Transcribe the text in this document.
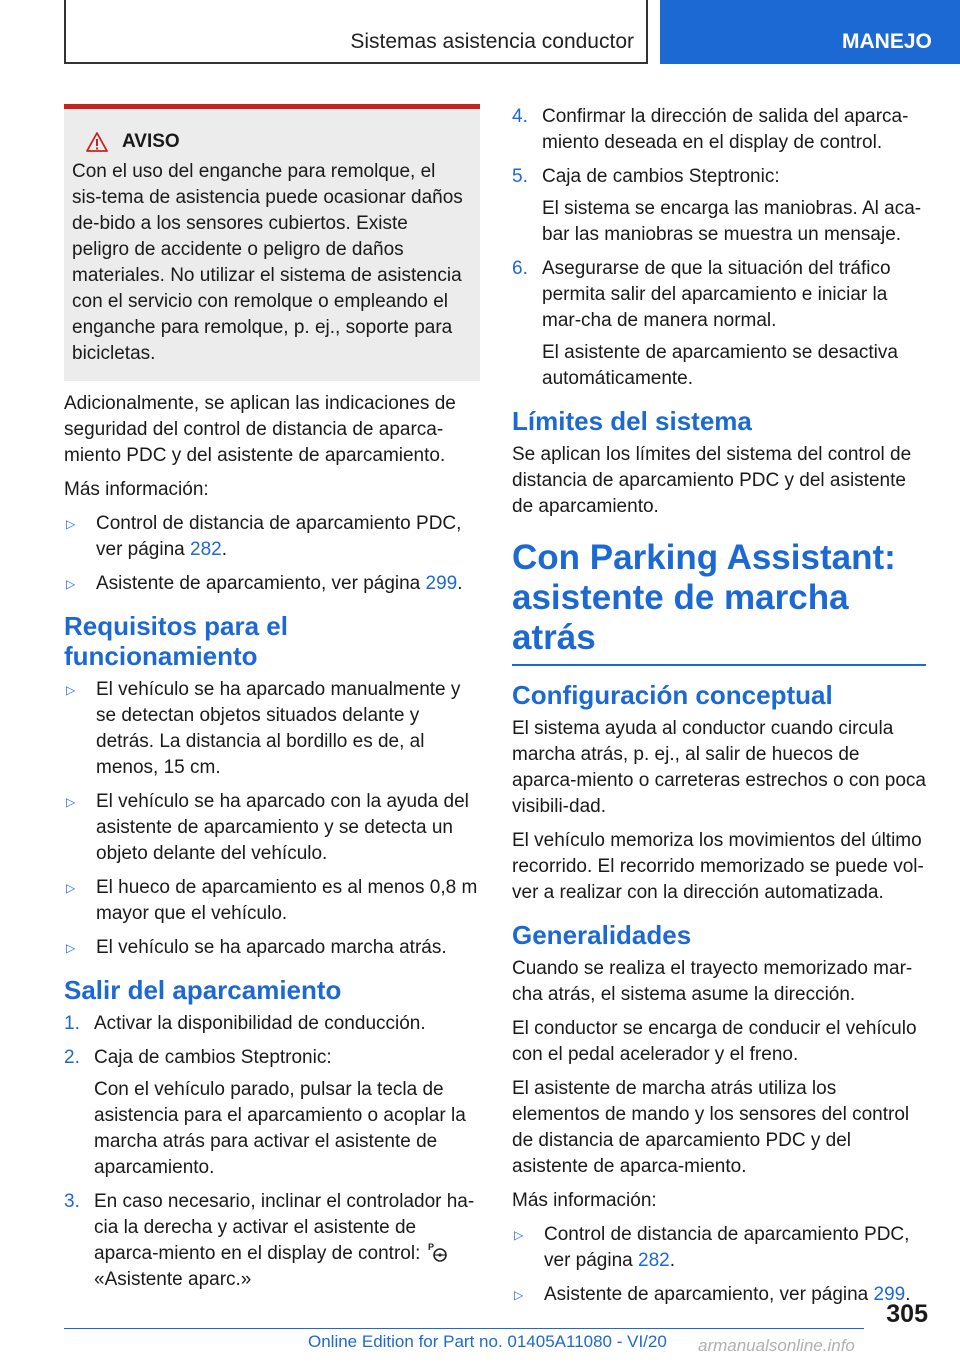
Sistemas asistencia conductor	MANEJO
AVISO

Con el uso del enganche para remolque, el sis-tema de asistencia puede ocasionar daños de-bido a los sensores cubiertos. Existe peligro de accidente o peligro de daños materiales. No utilizar el sistema de asistencia con el servicio con remolque o empleando el enganche para remolque, p. ej., soporte para bicicletas.

Adicionalmente, se aplican las indicaciones de seguridad del control de distancia de aparca-miento PDC y del asistente de aparcamiento.

Más información:

▷	Control de distancia de aparcamiento PDC, ver página 282.
▷	Asistente de aparcamiento, ver página 299.
Requisitos para el funcionamiento
▷	El vehículo se ha aparcado manualmente y se detectan objetos situados delante y detrás. La distancia al bordillo es de, al menos, 15 cm.
▷	El vehículo se ha aparcado con la ayuda del asistente de aparcamiento y se detecta un objeto delante del vehículo.
▷	El hueco de aparcamiento es al menos 0,8 m mayor que el vehículo.
▷	El vehículo se ha aparcado marcha atrás.
Salir del aparcamiento
1. Activar la disponibilidad de conducción.
2. Caja de cambios Steptronic:

Con el vehículo parado, pulsar la tecla de asistencia para el aparcamiento o acoplar la marcha atrás para activar el asistente de aparcamiento.

3. En caso necesario, inclinar el controlador ha-cia la derecha y activar el asistente de aparca-miento en el display de control: P

«Asistente aparc.»
4. Confirmar la dirección de salida del aparca-miento deseada en el display de control.
5. Caja de cambios Steptronic:

El sistema se encarga las maniobras. Al aca-bar las maniobras se muestra un mensaje.

6. Asegurarse de que la situación del tráfico permita salir del aparcamiento e iniciar la mar-cha de manera normal.

El asistente de aparcamiento se desactiva automáticamente.

Límites del sistema

Se aplican los límites del sistema del control de distancia de aparcamiento PDC y del asistente de aparcamiento.

Con Parking Assistant: asistente de marcha atrás
Configuración conceptual

El sistema ayuda al conductor cuando circula marcha atrás, p. ej., al salir de huecos de aparca-miento o carreteras estrechos o con poca visibili-dad.

El vehículo memoriza los movimientos del último recorrido. El recorrido memorizado se puede vol-ver a realizar con la dirección automatizada.

Generalidades

Cuando se realiza el trayecto memorizado mar-cha atrás, el sistema asume la dirección.

El conductor se encarga de conducir el vehículo con el pedal acelerador y el freno.

El asistente de marcha atrás utiliza los elementos de mando y los sensores del control de distancia de aparcamiento PDC y del asistente de aparca-miento.

Más información:

▷	Control de distancia de aparcamiento PDC, ver página 282.
▷	Asistente de aparcamiento, ver página 299.
305
Online Edition for Part no. 01405A11080 - VI/20 armanualsonline.info
